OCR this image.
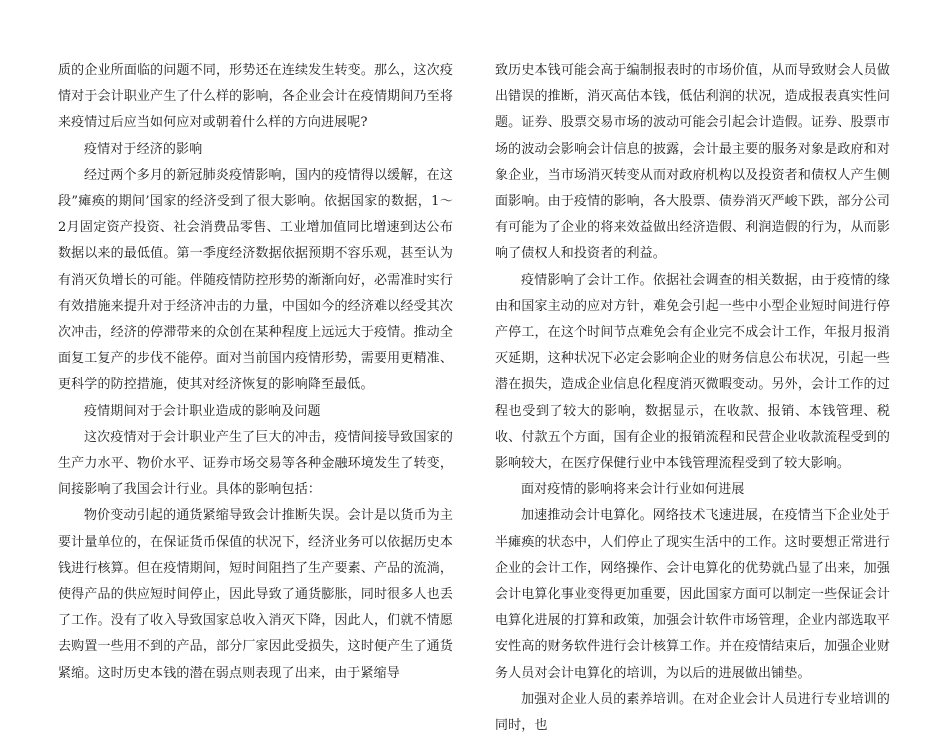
质的企业所面临的问题不同，形势还在连续发生转变。那么，这次疫情对于会计职业产生了什么样的影响，各企业会计在疫情期间乃至将来疫情过后应当如何应对或朝着什么样的方向进展呢?

疫情对于经济的影响

经过两个多月的新冠肺炎疫情影响，国内的疫情得以缓解，在这段”瘫痪的期间’国家的经济受到了很大影响。依据国家的数据，1～2月固定资产投资、社会消费品零售、工业增加值同比增速到达公布数据以来的最低值。第一季度经济数据依据预期不容乐观，甚至认为有消灭负增长的可能。伴随疫情防控形势的渐渐向好，必需准时实行有效措施来提升对于经济冲击的力量，中国如今的经济难以经受其次次冲击，经济的停滞带来的众创在某种程度上远远大于疫情。推动全面复工复产的步伐不能停。面对当前国内疫情形势，需要用更精准、更科学的防控措施，使其对经济恢复的影响降至最低。

疫情期间对于会计职业造成的影响及问题

这次疫情对于会计职业产生了巨大的冲击，疫情间接导致国家的生产力水平、物价水平、证券市场交易等各种金融环境发生了转变，间接影响了我国会计行业。具体的影响包括：

物价变动引起的通货紧缩导致会计推断失误。会计是以货币为主要计量单位的，在保证货币保值的状况下，经济业务可以依据历史本钱进行核算。但在疫情期间，短时间阻挡了生产要素、产品的流淌，使得产品的供应短时间停止，因此导致了通货膨胀，同时很多人也丢了工作。没有了收入导致国家总收入消灭下降，因此人，们就不情愿去购置一些用不到的产品，部分厂家因此受损失，这时便产生了通货紧缩。这时历史本钱的潜在弱点则表现了出来，由于紧缩导

致历史本钱可能会高于编制报表时的市场价值，从而导致财会人员做出错误的推断，消灭高估本钱，低估利润的状况，造成报表真实性问题。证券、股票交易市场的波动可能会引起会计造假。证券、股票市场的波动会影响会计信息的披露，会计最主要的服务对象是政府和对象企业，当市场消灭转变从而对政府机构以及投资者和债权人产生侧面影响。由于疫情的影响，各大股票、债券消灭严峻下跌，部分公司有可能为了企业的将来效益做出经济造假、利润造假的行为，从而影响了债权人和投资者的利益。

疫情影响了会计工作。依据社会调查的相关数据，由于疫情的缘由和国家主动的应对方针，难免会引起一些中小型企业短时间进行停产停工，在这个时间节点难免会有企业完不成会计工作，年报月报消灭延期，这种状况下必定会影响企业的财务信息公布状况，引起一些潜在损失，造成企业信息化程度消灭微暇变动。另外，会计工作的过程也受到了较大的影响，数据显示，在收款、报销、本钱管理、税收、付款五个方面，国有企业的报销流程和民营企业收款流程受到的影响较大，在医疗保健行业中本钱管理流程受到了较大影响。

面对疫情的影响将来会计行业如何进展

加速推动会计电算化。网络技术飞速进展，在疫情当下企业处于半瘫痪的状态中，人们停止了现实生活中的工作。这时要想正常进行企业的会计工作，网络操作、会计电算化的优势就凸显了出来，加强会计电算化事业变得更加重要，因此国家方面可以制定一些保证会计电算化进展的打算和政策，加强会计软件市场管理，企业内部选取平安性高的财务软件进行会计核算工作。并在疫情结束后，加强企业财务人员对会计电算化的培训，为以后的进展做出铺垫。

加强对企业人员的素养培训。在对企业会计人员进行专业培训的同时，也
